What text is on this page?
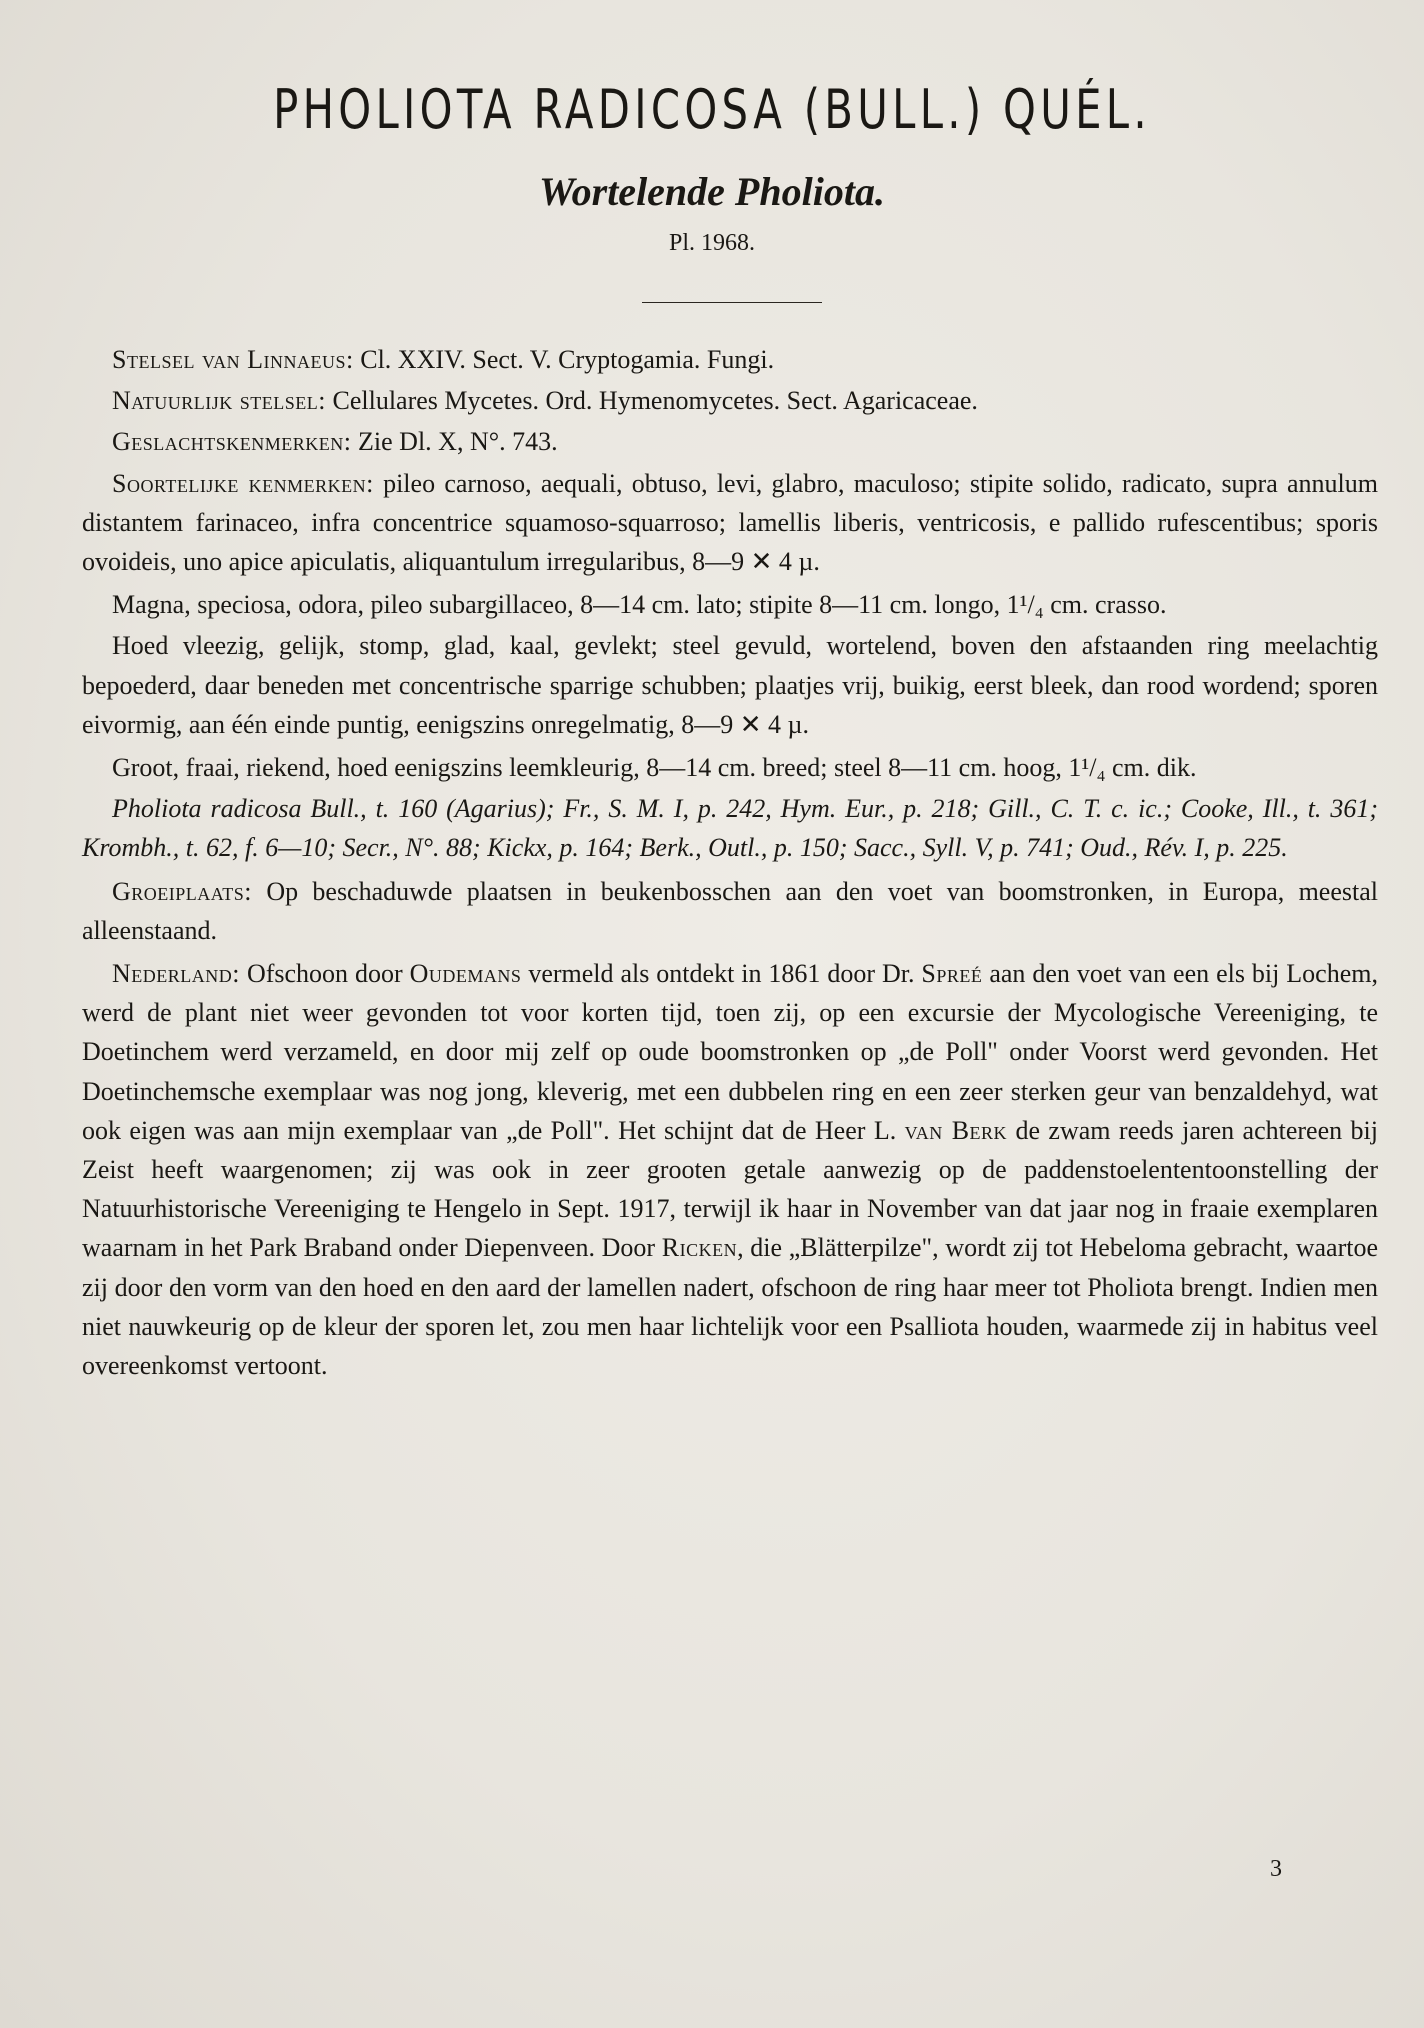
PHOLIOTA RADICOSA (BULL.) QUÉL.
Wortelende Pholiota.
Pl. 1968.

Stelsel van Linnaeus: Cl. XXIV. Sect. V. Cryptogamia. Fungi.

Natuurlijk stelsel: Cellulares Mycetes. Ord. Hymenomycetes. Sect. Agaricaceae.

Geslachtskenmerken: Zie Dl. X, N°. 743.

Soortelijke kenmerken: pileo carnoso, aequali, obtuso, levi, glabro, maculoso; stipite solido, radicato, supra annulum distantem farinaceo, infra concentrice squamoso-squarroso; lamellis liberis, ventricosis, e pallido rufescentibus; sporis ovoideis, uno apice apiculatis, aliquantulum irregularibus, 8—9 ✕ 4 µ.

Magna, speciosa, odora, pileo subargillaceo, 8—14 cm. lato; stipite 8—11 cm. longo, 1¹/₄ cm. crasso.

Hoed vleezig, gelijk, stomp, glad, kaal, gevlekt; steel gevuld, wortelend, boven den afstaanden ring meelachtig bepoederd, daar beneden met concentrische sparrige schubben; plaatjes vrij, buikig, eerst bleek, dan rood wordend; sporen eivormig, aan één einde puntig, eenigszins onregelmatig, 8—9 ✕ 4 µ.

Groot, fraai, riekend, hoed eenigszins leemkleurig, 8—14 cm. breed; steel 8—11 cm. hoog, 1¹/₄ cm. dik.

Pholiota radicosa Bull., t. 160 (Agarius); Fr., S. M. I, p. 242, Hym. Eur., p. 218; Gill., C. T. c. ic.; Cooke, Ill., t. 361; Krombh., t. 62, f. 6—10; Secr., N°. 88; Kickx, p. 164; Berk., Outl., p. 150; Sacc., Syll. V, p. 741; Oud., Rév. I, p. 225.

Groeiplaats: Op beschaduwde plaatsen in beukenbosschen aan den voet van boomstronken, in Europa, meestal alleenstaand.

Nederland: Ofschoon door Oudemans vermeld als ontdekt in 1861 door Dr. Spreé aan den voet van een els bij Lochem, werd de plant niet weer gevonden tot voor korten tijd, toen zij, op een excursie der Mycologische Vereeniging, te Doetinchem werd verzameld, en door mij zelf op oude boomstronken op „de Poll" onder Voorst werd gevonden. Het Doetinchemsche exemplaar was nog jong, kleverig, met een dubbelen ring en een zeer sterken geur van benzaldehyd, wat ook eigen was aan mijn exemplaar van „de Poll". Het schijnt dat de Heer L. van Berk de zwam reeds jaren achtereen bij Zeist heeft waargenomen; zij was ook in zeer grooten getale aanwezig op de paddenstoelententoonstelling der Natuurhistorische Vereeniging te Hengelo in Sept. 1917, terwijl ik haar in November van dat jaar nog in fraaie exemplaren waarnam in het Park Braband onder Diepenveen. Door Ricken, die „Blätterpilze", wordt zij tot Hebeloma gebracht, waartoe zij door den vorm van den hoed en den aard der lamellen nadert, ofschoon de ring haar meer tot Pholiota brengt. Indien men niet nauwkeurig op de kleur der sporen let, zou men haar lichtelijk voor een Psalliota houden, waarmede zij in habitus veel overeenkomst vertoont.

3
